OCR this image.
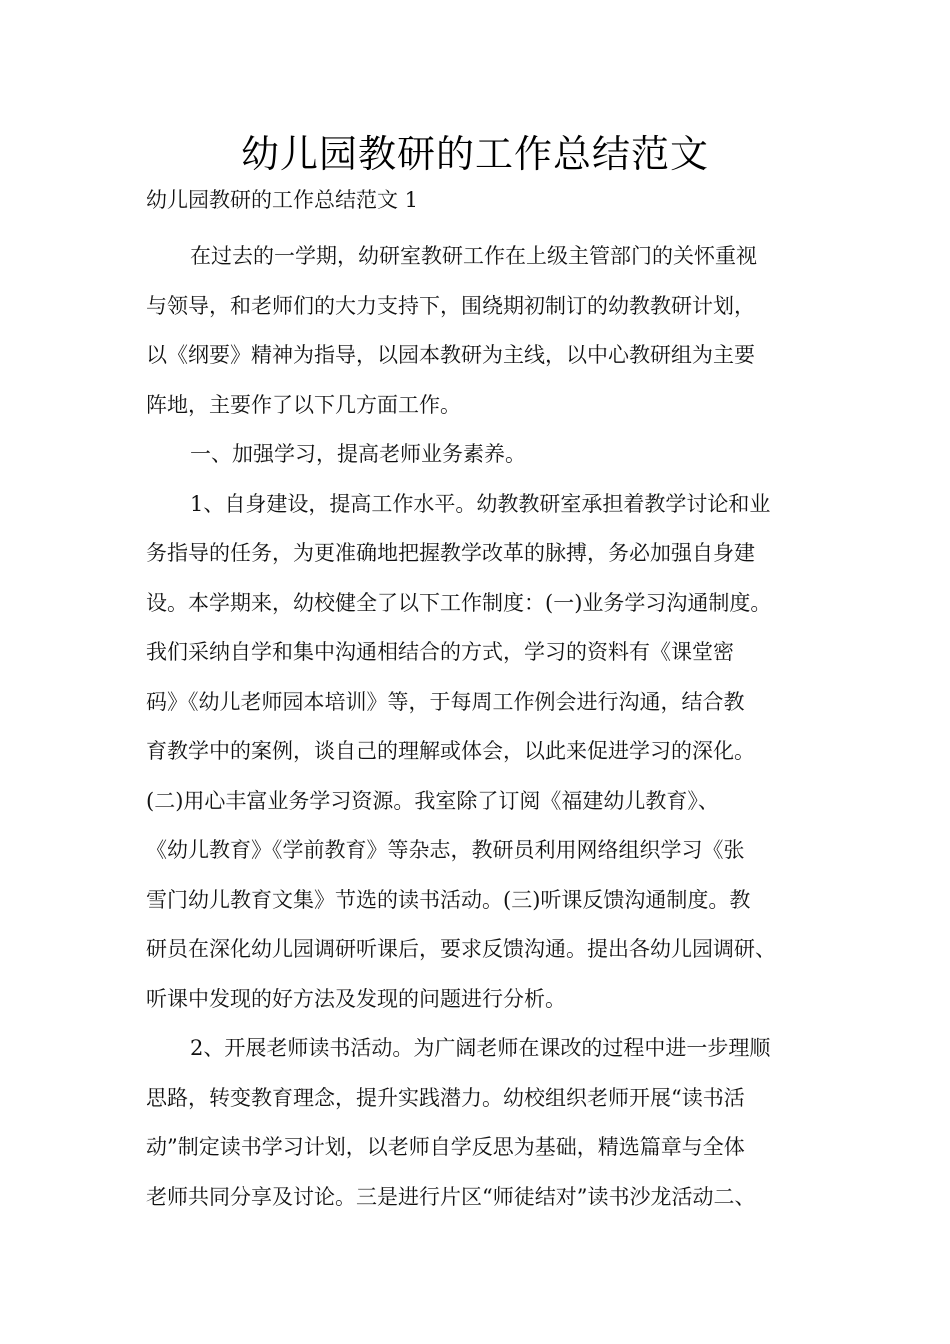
幼儿园教研的工作总结范文

幼儿园教研的工作总结范文 1

在过去的一学期，幼研室教研工作在上级主管部门的关怀重视
与领导，和老师们的大力支持下，围绕期初制订的幼教教研计划，
以《纲要》精神为指导，以园本教研为主线，以中心教研组为主要
阵地，主要作了以下几方面工作。

一、加强学习，提高老师业务素养。

1、自身建设，提高工作水平。幼教教研室承担着教学讨论和业
务指导的任务，为更准确地把握教学改革的脉搏，务必加强自身建
设。本学期来，幼校健全了以下工作制度：(一)业务学习沟通制度。
我们采纳自学和集中沟通相结合的方式，学习的资料有《课堂密
码》《幼儿老师园本培训》等，于每周工作例会进行沟通，结合教
育教学中的案例，谈自己的理解或体会，以此来促进学习的深化。
(二)用心丰富业务学习资源。我室除了订阅《福建幼儿教育》、
《幼儿教育》《学前教育》等杂志，教研员利用网络组织学习《张
雪门幼儿教育文集》节选的读书活动。(三)听课反馈沟通制度。教
研员在深化幼儿园调研听课后，要求反馈沟通。提出各幼儿园调研、
听课中发现的好方法及发现的问题进行分析。

2、开展老师读书活动。为广阔老师在课改的过程中进一步理顺
思路，转变教育理念，提升实践潜力。幼校组织老师开展“读书活
动”制定读书学习计划，以老师自学反思为基础，精选篇章与全体
老师共同分享及讨论。三是进行片区“师徒结对”读书沙龙活动二、
